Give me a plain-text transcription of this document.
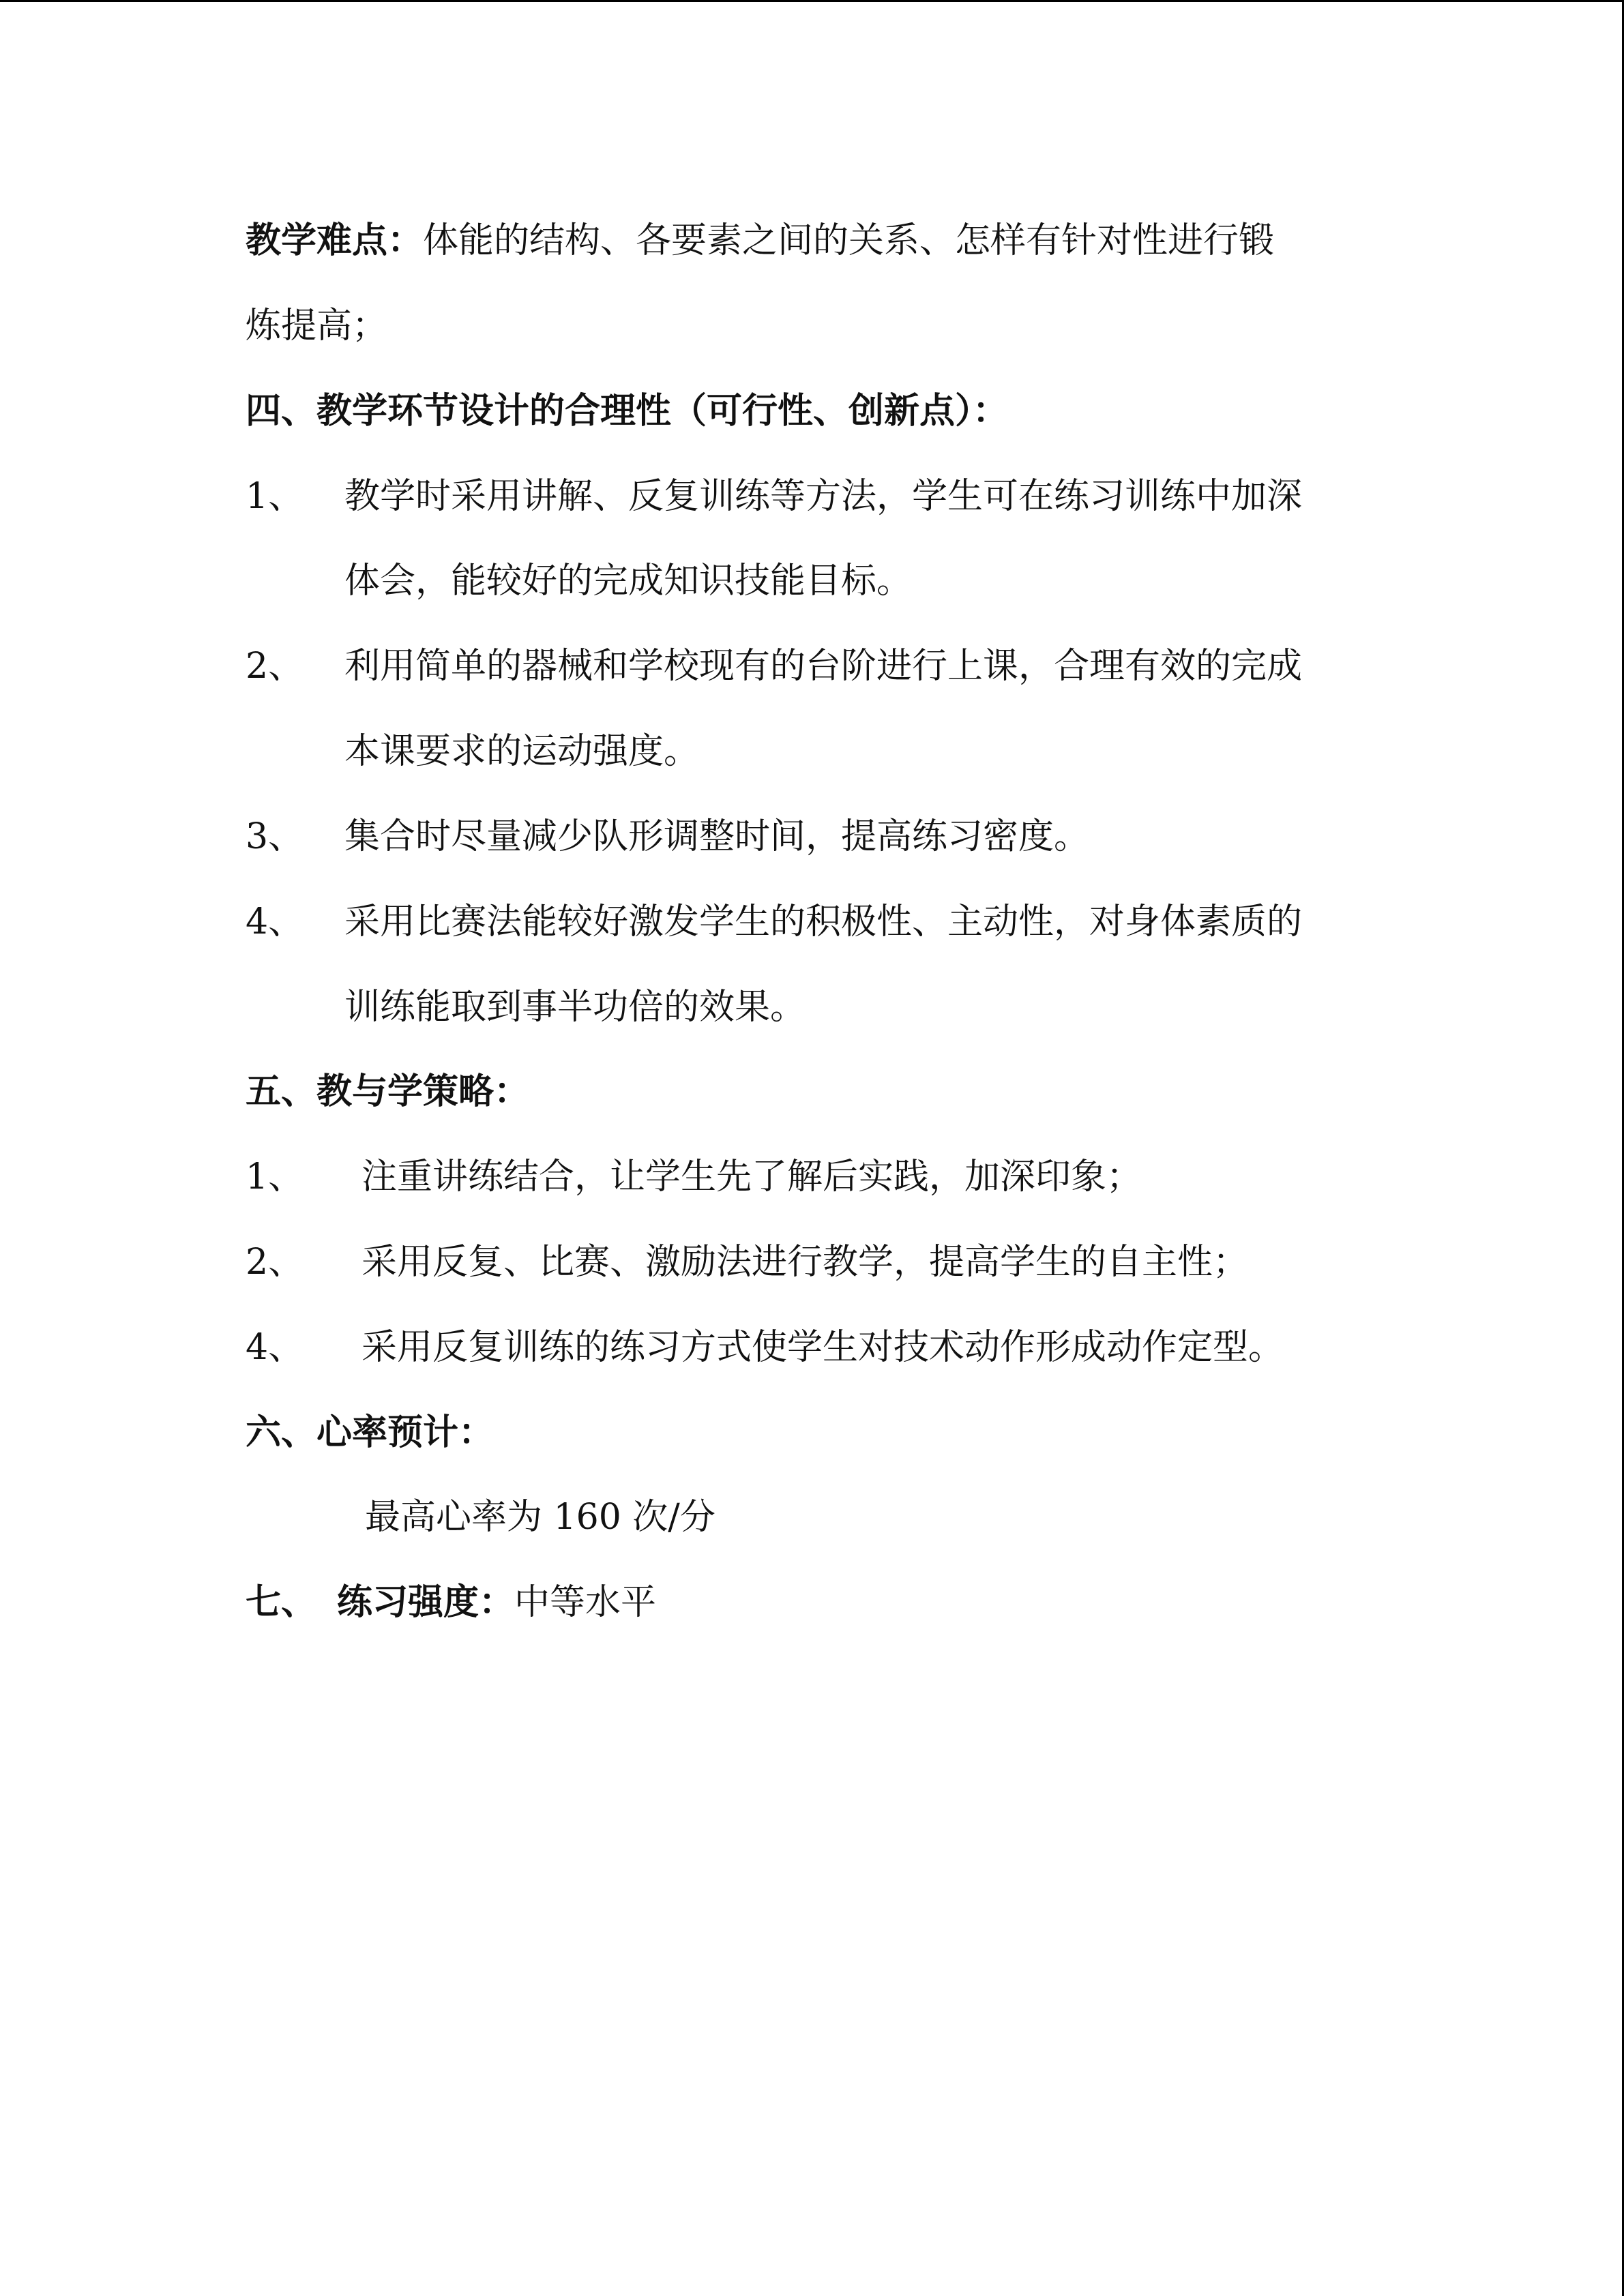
教学难点：体能的结构、各要素之间的关系、怎样有针对性进行锻
炼提高；
四、教学环节设计的合理性（可行性、创新点）：
1、 教学时采用讲解、反复训练等方法，学生可在练习训练中加深
体会，能较好的完成知识技能目标。
2、 利用简单的器械和学校现有的台阶进行上课，合理有效的完成
本课要求的运动强度。
3、 集合时尽量减少队形调整时间，提高练习密度。
4、 采用比赛法能较好激发学生的积极性、主动性，对身体素质的
训练能取到事半功倍的效果。
五、教与学策略：
1、 注重讲练结合，让学生先了解后实践，加深印象；
2、 采用反复、比赛、激励法进行教学，提高学生的自主性；
4、 采用反复训练的练习方式使学生对技术动作形成动作定型。
六、心率预计：
最高心率为 160 次/分
七、 练习强度：中等水平
